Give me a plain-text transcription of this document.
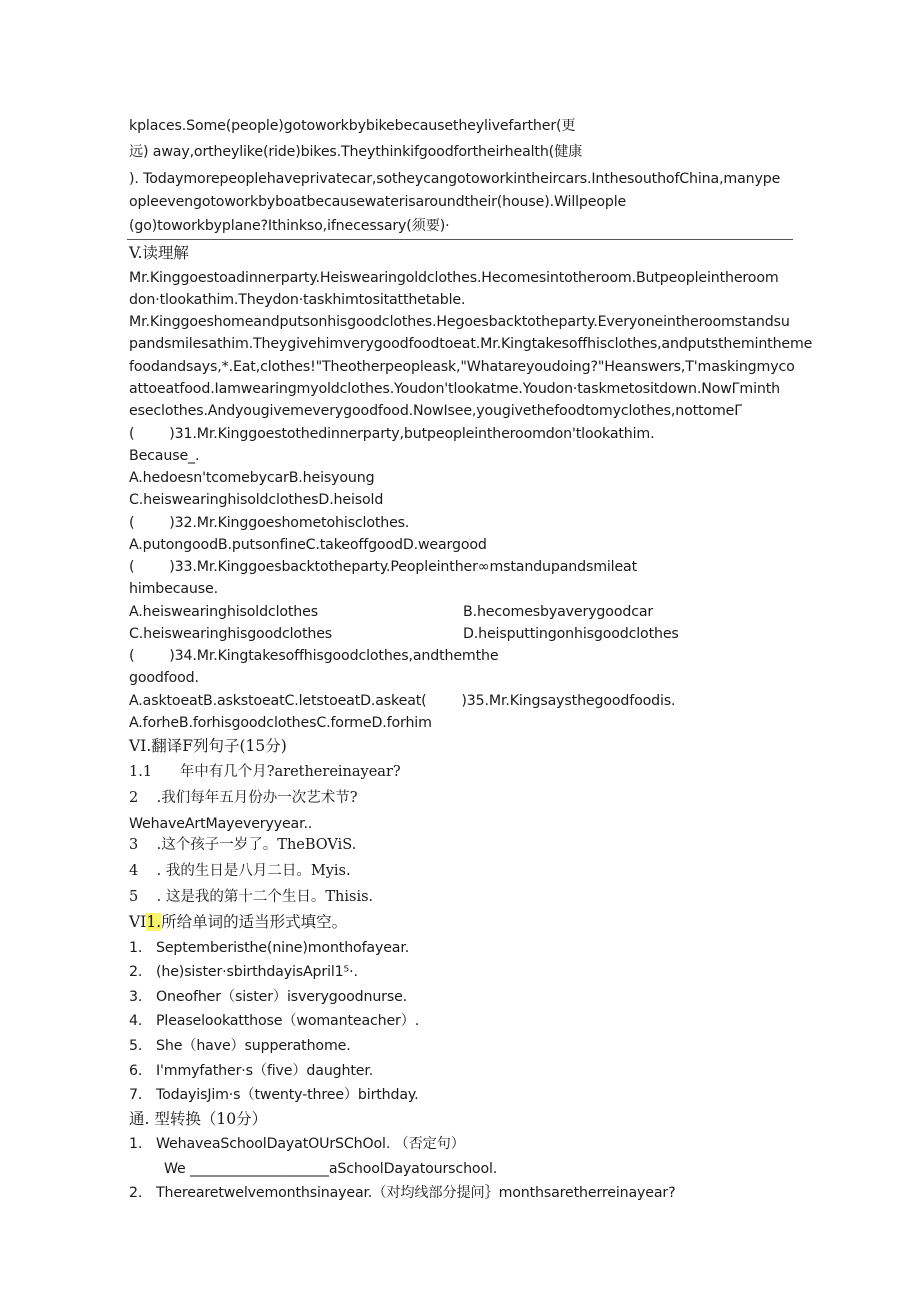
kplaces.Some(people)gotoworkbybikebecausetheylivefarther(更
远) away,ortheylike(ride)bikes.Theythinkifgoodfortheirhealth(健康
). Todaymorepeoplehaveprivatecar,sotheycangotoworkintheircars.InthesouthofChina,manype
opleevengotoworkbyboatbecausewaterisaroundtheir(house).Willpeople
(go)toworkbyplane?Ithinkso,ifnecessary(须要)·
V.读理解
Mr.Kinggoestoadinnerparty.Heiswearingoldclothes.Hecomesintotheroom.Butpeopleintheroom
don·tlookathim.Theydon·taskhimtositatthetable.
Mr.Kinggoeshomeandputsonhisgoodclothes.Hegoesbacktotheparty.Everyoneintheroomstandsu
pandsmilesathim.Theygivehimverygoodfoodtoeat.Mr.Kingtakesoffhisclothes,andputsthemintheme
foodandsays,*.Eat,clothes!"Theotherpeopleask,"Whatareyoudoing?"Heanswers,T'maskingmyco
attoeatfood.Iamwearingmyoldclothes.Youdon'tlookatme.Youdon·taskmetositdown.NowΓminth
eseclothes.Andyougivemeverygoodfood.NowIsee,yougivethefoodtomyclothes,nottomeΓ
(        )31.Mr.Kinggoestothedinnerparty,butpeopleintheroomdon'tlookathim.
Because_.
A.hedoesn'tcomebycarB.heisyoung
C.heiswearinghisoldclothesD.heisold
(        )32.Mr.Kinggoeshometohisclothes.
A.putongoodB.putsonfineC.takeoffgoodD.weargood
(        )33.Mr.Kinggoesbacktotheparty.Peopleinther∞mstandupandsmileat
himbecause.
A.heiswearinghisoldclothes	B.hecomesbyaverygoodcar
C.heiswearinghisgoodclothes	D.heisputtingonhisgoodclothes
(        )34.Mr.Kingtakesoffhisgoodclothes,andthemthe
goodfood.
A.asktoeatB.askstoeatC.letstoeatD.askeat(        )35.Mr.Kingsaysthegoodfoodis.
A.forheB.forhisgoodclothesC.formeD.forhim
VI.翻译F列句子(15分)
1.1      年中有几个月?arethereinayear?
2    .我们每年五月份办一次艺术节?
WehaveArtMayeveryyear..
3    .这个孩子一岁了。TheBOViS.
4    . 我的生日是八月二日。Myis.
5    . 这是我的第十二个生日。Thisis.
VI1.所给单词的适当形式填空。
1. Septemberisthe(nine)monthofayear.
2. (he)sister·sbirthdayisApril1⁵·.
3. Oneofher（sister）isverygoodnurse.
4. Pleaselookatthose（womanteacher）.
5. She（have）supperathome.
6. I'mmyfather·s（five）daughter.
7. TodayisJim·s（twenty-three）birthday.
通. 型转换（10分）
1. WehaveaSchoolDayatOUrSChOol. （否定句）
We ____________________aSchoolDayatourschool.
2. Therearetwelvemonthsinayear.（对均线部分提问｝monthsaretherreinayear?
